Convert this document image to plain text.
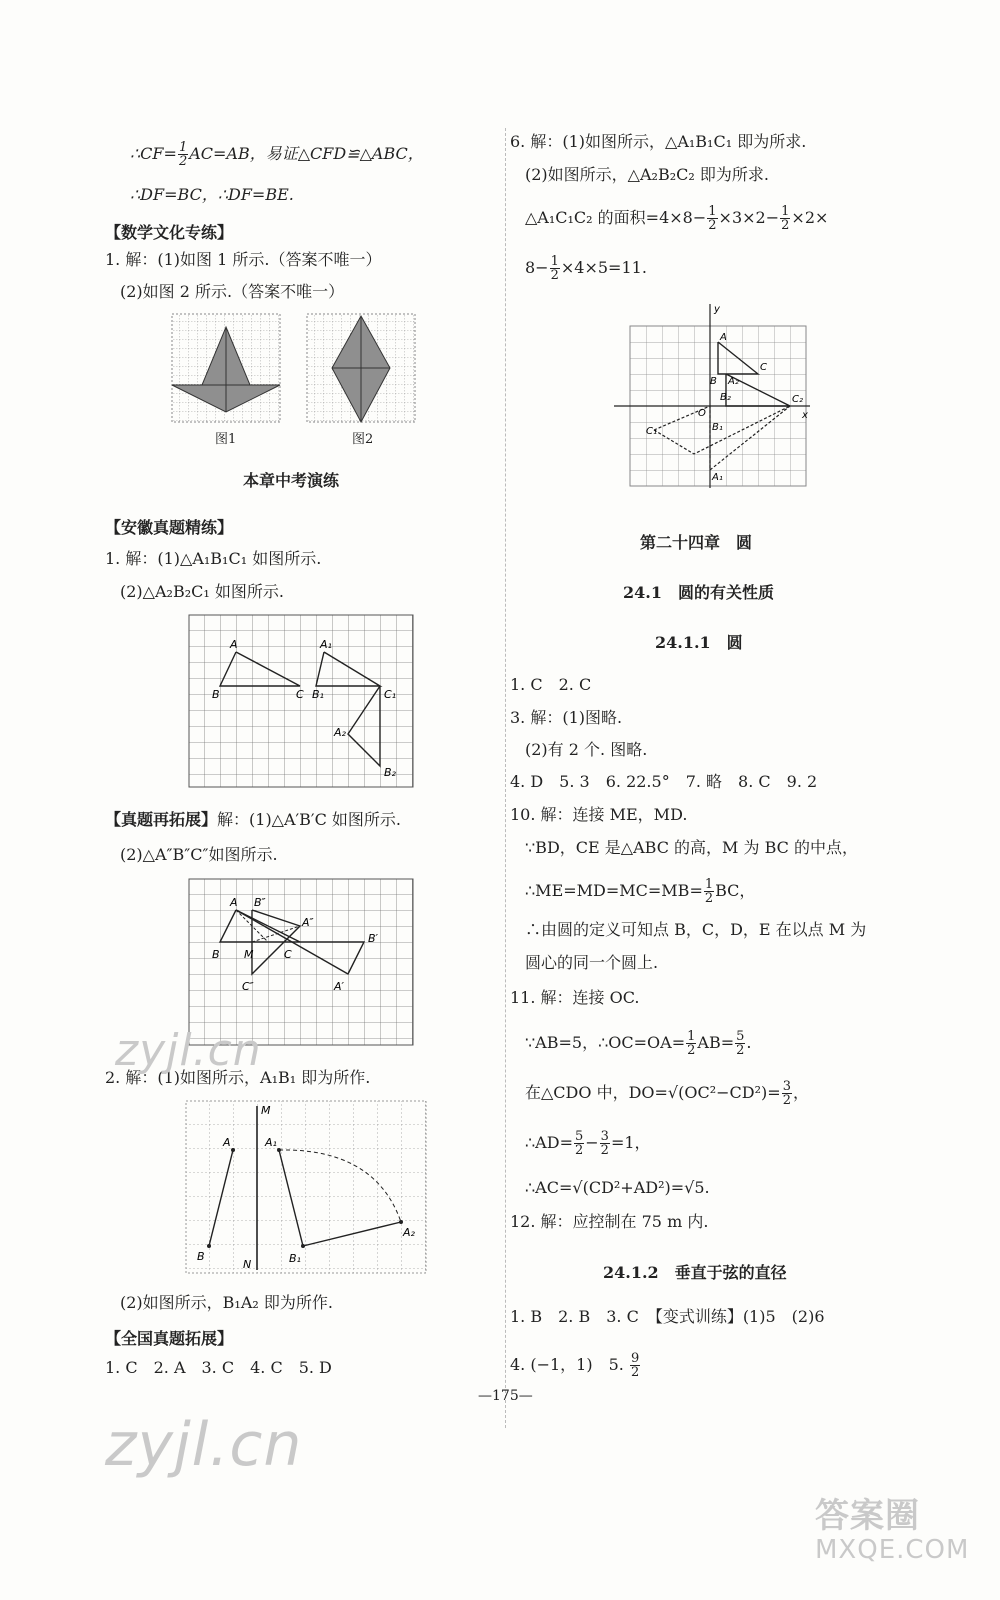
∴CF= $\frac{1}{2} AC=AB$，易证△CFD≌△ABC，
∴DF=BC，∴DF=BE.
【数学文化专练】
1. 解：(1)如图 1 所示.（答案不唯一）
(2)如图 2 所示.（答案不唯一）
图1	图2
本章中考演练
【安徽真题精练】
1. 解：(1)△A₁B₁C₁ 如图所示.
(2)△A₂B₂C₁ 如图所示.
A
B	C
A₁
B₁	C₁
A₂
B₂
【真题再拓展】解：(1)△A′B′C 如图所示.
(2)△A″B″C″如图所示.
A B″
A″
B′
B M	C
C″	A′
2. 解：(1)如图所示，A₁B₁ 即为所作.
A
M
A₁
B
N	B₁
A₂
(2)如图所示，B₁A₂ 即为所作.
【全国真题拓展】
1. C　2. A　3. C　4. C　5. D
6. 解：(1)如图所示，△A₁B₁C₁ 即为所求.
(2)如图所示，△A₂B₂C₂ 即为所求.
△A₁C₁C₂ 的面积$=4\times 8- \frac{1}{2} \times 3\times 2- \frac{1}{2} \times 2\times$
$8- \frac{1}{2} \times 4\times 5=11$.
y
x
O
A
C
B A₂
B₂	C₂
B₁
C₁
A₁
第二十四章　圆
24.1　圆的有关性质
24.1.1　圆
1. C　2. C
3. 解：(1)图略.
(2)有 2 个. 图略.
4. D　5. 3　6. 22.5°　7. 略　8. C　9. 2
10. 解：连接 ME，MD.
∵BD，CE 是△ABC 的高，M 为 BC 的中点，
∴ME=MD=MC=MB= $\frac{1}{2}$ BC，
∴由圆的定义可知点 B，C，D，E 在以点 M 为
圆心的同一个圆上.
11. 解：连接 OC.
∵AB=5，∴OC=OA= $\frac{1}{2} AB= \frac{5}{2}$ .
在△CDO 中，$DO=√(OC^2-CD^2)= \frac{3}{2}$ ，
∴AD= $\frac{5}{2} - \frac{3}{2} =1$，
∴AC=√(CD²+AD²)=√5.
12. 解：应控制在 75 m 内.
24.1.2　垂直于弦的直径
1. B　2. B　3. C　【变式训练】(1)5　(2)6
4. (−1，1)　5. $\frac{9}{2}$
—175—
zyjl.cn
zyjl.cn
答案圈
MXQE.COM
